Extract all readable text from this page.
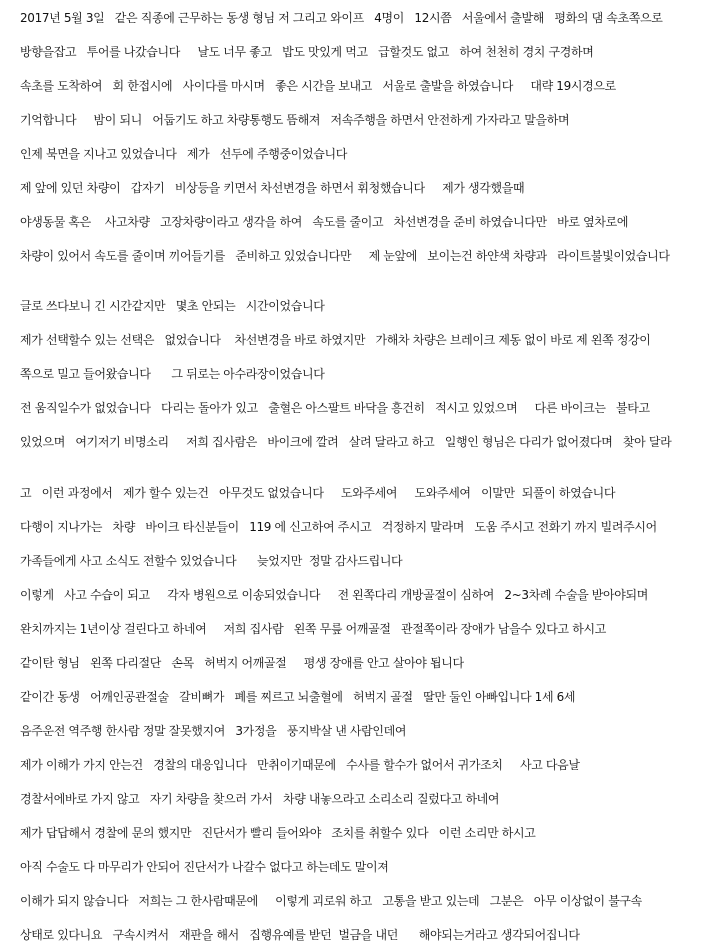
2017년 5월 3일   같은 직종에 근무하는 동생 형님 저 그리고 와이프   4명이   12시쯤   서울에서 출발해   평화의 댐 속초쪽으로
방향을잡고   투어를 나갔습니다     날도 너무 좋고   밥도 맛있게 먹고   급할것도 없고   하여 천천히 경치 구경하며
속초를 도착하여   회 한접시에   사이다를 마시며   좋은 시간을 보내고   서울로 출발을 하였습니다     대략 19시경으로
기억합니다     밤이 되니   어둡기도 하고 차량통행도 뜸해져   저속주행을 하면서 안전하게 가자라고 말을하며
인제 북면을 지나고 있었습니다   제가   선두에 주행중이었습니다
제 앞에 있던 차량이   갑자기   비상등을 키면서 차선변경을 하면서 휘청했습니다     제가 생각했을때
야생동물 혹은    사고차량   고장차량이라고 생각을 하여   속도를 줄이고   차선변경을 준비 하였습니다만   바로 옆차로에
차량이 있어서 속도를 줄이며 끼어들기를   준비하고 있었습니다만     제 눈앞에   보이는건 하얀색 차량과   라이트불빛이었습니다
글로 쓰다보니 긴 시간같지만   몇초 안되는   시간이었습니다
제가 선택할수 있는 선택은   없었습니다    차선변경을 바로 하였지만   가해차 차량은 브레이크 제동 없이 바로 제 왼쪽 정강이
쪽으로 밀고 들어왔습니다      그 뒤로는 아수라장이었습니다
전 움직일수가 없었습니다   다리는 돌아가 있고   출혈은 아스팔트 바닥을 흥건히   적시고 있었으며     다른 바이크는   불타고
있었으며   여기저기 비명소리     저희 집사람은   바이크에 깔려   살려 달라고 하고   일행인 형님은 다리가 없어졌다며   찾아 달라
고   이런 과정에서   제가 할수 있는건   아무것도 없었습니다     도와주세여     도와주세여   이말만  되풀이 하였습니다
다행이 지나가는   차량   바이크 타신분들이   119 에 신고하여 주시고   걱정하지 말라며   도움 주시고 전화기 까지 빌려주시어
가족들에게 사고 소식도 전할수 있었습니다      늦었지만  정말 감사드립니다
이렇게   사고 수습이 되고     각자 병원으로 이송되었습니다     전 왼쪽다리 개방골절이 심하여   2~3차례 수술을 받아야되며
완치까지는 1년이상 걸린다고 하네여     저희 집사람   왼쪽 무릎 어깨골절   관절쪽이라 장애가 남을수 있다고 하시고
같이탄 형님   왼쪽 다리절단   손목   허벅지 어깨골절     평생 장애를 안고 살아야 됩니다
같이간 동생   어깨인공관절술   갈비뼈가   폐를 찌르고 뇌출혈에   허벅지 골절   딸만 둘인 아빠입니다 1세 6세
음주운전 역주행 한사람 정말 잘못했지여   3가정을   풍지박살 낸 사람인데여
제가 이해가 가지 안는건   경찰의 대응입니다   만취이기때문에   수사를 할수가 없어서 귀가조치     사고 다음날
경찰서에바로 가지 않고   자기 차량을 찾으러 가서   차량 내놓으라고 소리소리 질렀다고 하네여
제가 답답해서 경찰에 문의 했지만   진단서가 빨리 들어와야   조치를 취할수 있다   이런 소리만 하시고
아직 수술도 다 마무리가 안되어 진단서가 나갈수 없다고 하는데도 말이져
이해가 되지 않습니다   저희는 그 한사람때문에     이렇게 괴로워 하고   고통을 받고 있는데   그분은   아무 이상없이 불구속
상태로 있다니요   구속시켜서   재판을 해서   집행유예를 받던  벌금을 내던      해야되는거라고 생각되어집니다
